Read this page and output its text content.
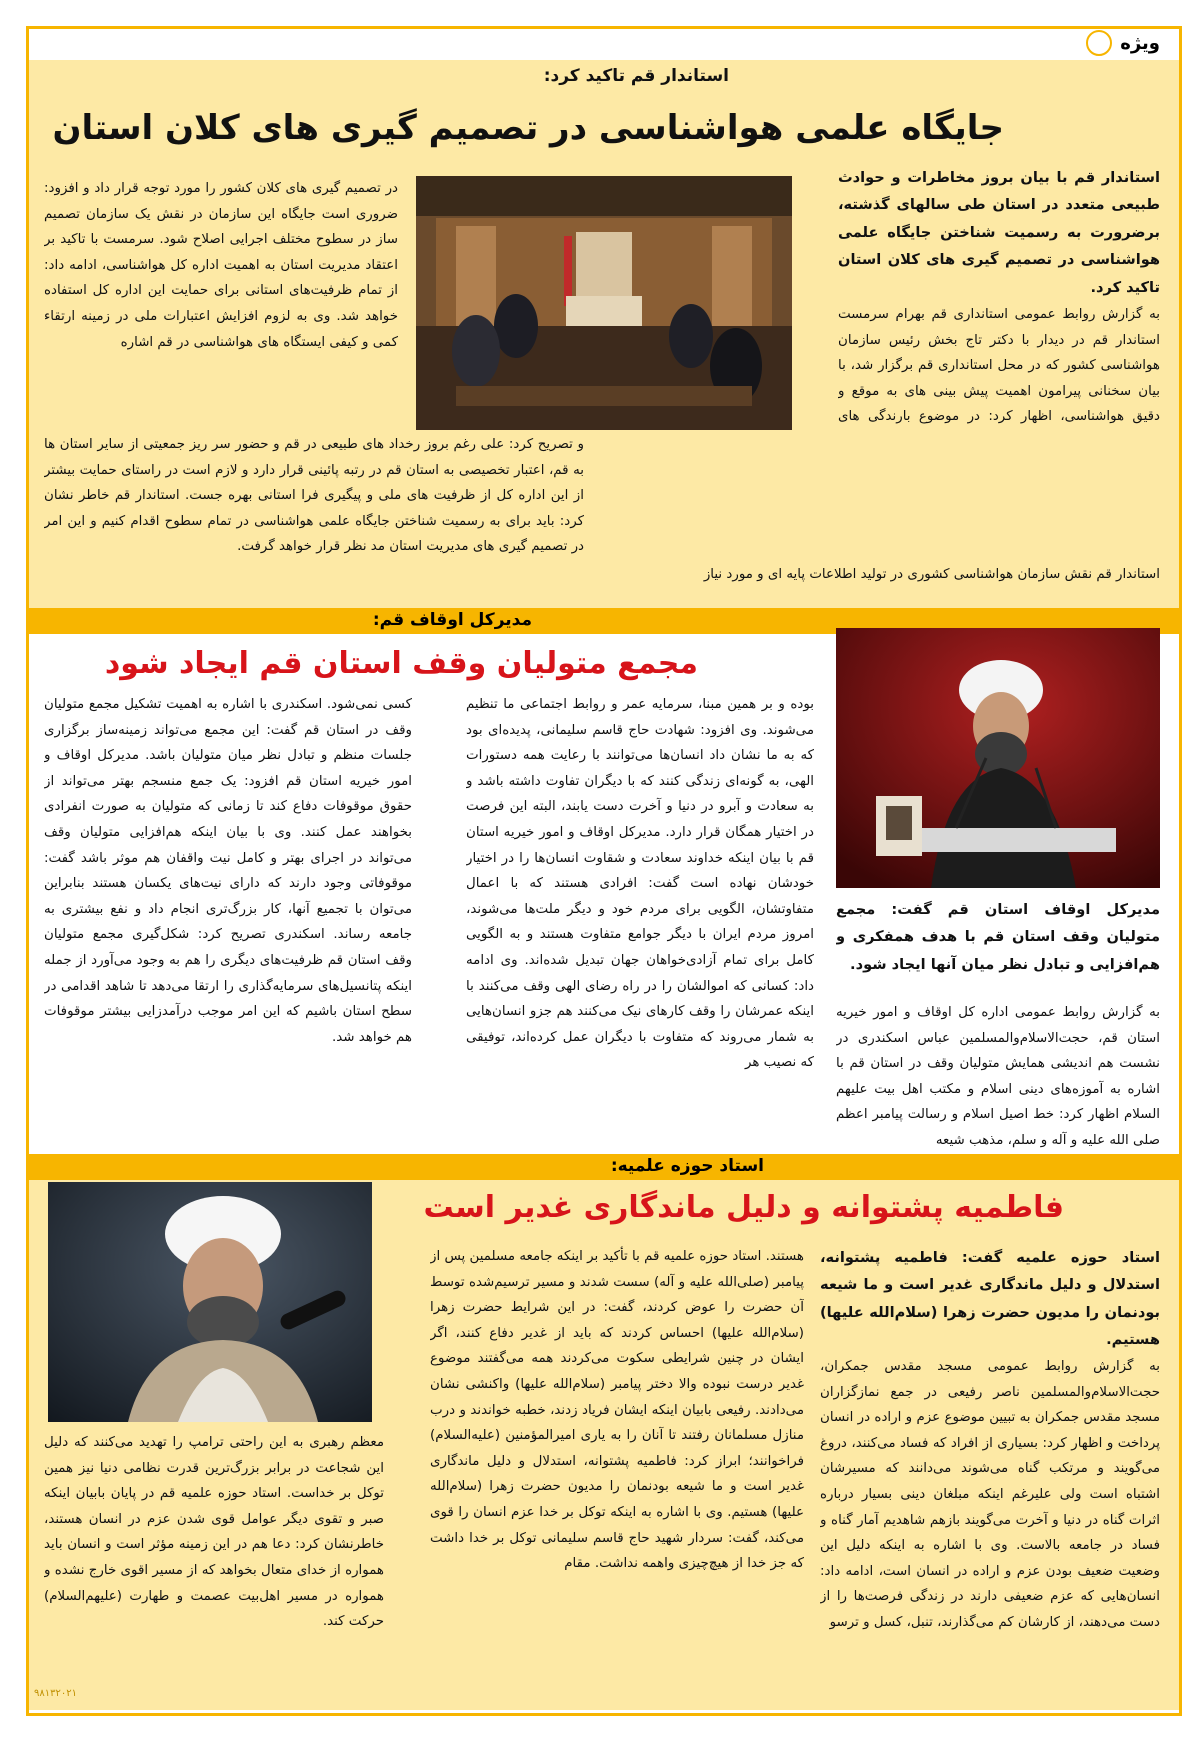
ویژه
استاندار قم تاکید کرد:
جایگاه علمی هواشناسی در تصمیم گیری های کلان استان
استاندار قم با بیان بروز مخاطرات و حوادث طبیعی متعدد در استان طی سالهای گذشته، برضرورت به رسمیت شناختن جایگاه علمی هواشناسی در تصمیم گیری های کلان استان تاکید کرد.
به گزارش روابط عمومی استانداری قم بهرام سرمست استاندار قم در دیدار با دکتر تاج بخش رئیس سازمان هواشناسی کشور که در محل استانداری قم برگزار شد، با بیان سخنانی پیرامون اهمیت پیش بینی های به موقع و دقیق هواشناسی، اظهار کرد: در موضوع بارندگی های
استاندار قم نقش سازمان هواشناسی کشوری در تولید اطلاعات پایه ای و مورد نیاز
در تصمیم گیری های کلان کشور را مورد توجه قرار داد و افزود: ضروری است جایگاه این سازمان در نقش یک سازمان تصمیم ساز در سطوح مختلف اجرایی اصلاح شود. سرمست با تاکید بر اعتقاد مدیریت استان به اهمیت اداره کل هواشناسی، ادامه داد: از تمام ظرفیت‌های استانی برای حمایت این اداره کل استفاده خواهد شد. وی به لزوم افزایش اعتبارات ملی در زمینه ارتقاء کمی و کیفی ایستگاه های هواشناسی در قم اشاره
و تصریح کرد: علی رغم بروز رخداد های طبیعی در قم و حضور سر ریز جمعیتی از سایر استان ها به قم، اعتبار تخصیصی به استان قم در رتبه پائینی قرار دارد و لازم است در راستای حمایت بیشتر از این اداره کل از ظرفیت های ملی و پیگیری فرا استانی بهره جست. استاندار قم خاطر نشان کرد: باید برای به رسمیت شناختن جایگاه علمی هواشناسی در تمام سطوح اقدام کنیم و این امر در تصمیم گیری های مدیریت استان مد نظر قرار خواهد گرفت.
مدیرکل اوقاف قم:
مجمع متولیان وقف استان قم ایجاد شود
مدیرکل اوقاف استان قم گفت: مجمع متولیان وقف استان قم با هدف همفکری و هم‌افزایی و تبادل نظر میان آنها ایجاد شود.
به گزارش روابط عمومی اداره کل اوقاف و امور خیریه استان قم، حجت‌الاسلام‌والمسلمین عباس اسکندری در نشست هم اندیشی همایش متولیان وقف در استان قم با اشاره به آموزه‌های دینی اسلام و مکتب اهل بیت علیهم السلام اظهار کرد: خط اصیل اسلام و رسالت پیامبر اعظم صلی الله علیه و آله و سلم، مذهب شیعه
بوده و بر همین مبنا، سرمایه عمر و روابط اجتماعی ما تنظیم می‌شوند. وی افزود: شهادت حاج قاسم سلیمانی، پدیده‌ای بود که به ما نشان داد انسان‌ها می‌توانند با رعایت همه دستورات الهی، به گونه‌ای زندگی کنند که با دیگران تفاوت داشته باشد و به سعادت و آبرو در دنیا و آخرت دست یابند، البته این فرصت در اختیار همگان قرار دارد. مدیرکل اوقاف و امور خیریه استان قم با بیان اینکه خداوند سعادت و شقاوت انسان‌ها را در اختیار خودشان نهاده است گفت: افرادی هستند که با اعمال متفاوتشان، الگویی برای مردم خود و دیگر ملت‌ها می‌شوند، امروز مردم ایران با دیگر جوامع متفاوت هستند و به الگویی کامل برای تمام آزادی‌خواهان جهان تبدیل شده‌اند. وی ادامه داد: کسانی که اموالشان را در راه رضای الهی وقف می‌کنند با اینکه عمرشان را وقف کارهای نیک می‌کنند هم جزو انسان‌هایی به شمار می‌روند که متفاوت با دیگران عمل کرده‌اند، توفیقی که نصیب هر
کسی نمی‌شود. اسکندری با اشاره به اهمیت تشکیل مجمع متولیان وقف در استان قم گفت: این مجمع می‌تواند زمینه‌ساز برگزاری جلسات منظم و تبادل نظر میان متولیان باشد. مدیرکل اوقاف و امور خیریه استان قم افزود: یک جمع منسجم بهتر می‌تواند از حقوق موقوفات دفاع کند تا زمانی که متولیان به صورت انفرادی بخواهند عمل کنند. وی با بیان اینکه هم‌افزایی متولیان وقف می‌تواند در اجرای بهتر و کامل نیت واقفان هم موثر باشد گفت: موقوفاتی وجود دارند که دارای نیت‌های یکسان هستند بنابراین می‌توان با تجمیع آنها، کار بزرگ‌تری انجام داد و نفع بیشتری به جامعه رساند. اسکندری تصریح کرد: شکل‌گیری مجمع متولیان وقف استان قم ظرفیت‌های دیگری را هم به وجود می‌آورد از جمله اینکه پتانسیل‌های سرمایه‌گذاری را ارتقا می‌دهد تا شاهد اقدامی در سطح استان باشیم که این امر موجب درآمدزایی بیشتر موقوفات هم خواهد شد.
استاد حوزه علمیه:
فاطمیه پشتوانه و دلیل ماندگاری غدیر است
استاد حوزه علمیه گفت: فاطمیه پشتوانه، استدلال و دلیل ماندگاری غدیر است و ما شیعه بودنمان را مدیون حضرت زهرا (سلام‌الله علیها) هستیم.
به گزارش روابط عمومی مسجد مقدس جمکران، حجت‌الاسلام‌والمسلمین ناصر رفیعی در جمع نمازگزاران مسجد مقدس جمکران به تبیین موضوع عزم و اراده در انسان پرداخت و اظهار کرد: بسیاری از افراد که فساد می‌کنند، دروغ می‌گویند و مرتکب گناه می‌شوند می‌دانند که مسیرشان اشتباه است ولی علیرغم اینکه مبلغان دینی بسیار درباره اثرات گناه در دنیا و آخرت می‌گویند بازهم شاهدیم آمار گناه و فساد در جامعه بالاست. وی با اشاره به اینکه دلیل این وضعیت ضعیف بودن عزم و اراده در انسان است، ادامه داد: انسان‌هایی که عزم ضعیفی دارند در زندگی فرصت‌ها را از دست می‌دهند، از کارشان کم می‌گذارند، تنبل، کسل و ترسو
هستند. استاد حوزه علمیه قم با تأکید بر اینکه جامعه مسلمین پس از پیامبر (صلی‌الله علیه و آله) سست شدند و مسیر ترسیم‌شده توسط آن حضرت را عوض کردند، گفت: در این شرایط حضرت زهرا (سلام‌الله علیها) احساس کردند که باید از غدیر دفاع کنند، اگر ایشان در چنین شرایطی سکوت می‌کردند همه می‌گفتند موضوع غدیر درست نبوده والا دختر پیامبر (سلام‌الله علیها) واکنشی نشان می‌دادند. رفیعی بابیان اینکه ایشان فریاد زدند، خطبه خواندند و درب منازل مسلمانان رفتند تا آنان را به یاری امیرالمؤمنین (علیه‌السلام) فراخوانند؛ ابراز کرد: فاطمیه پشتوانه، استدلال و دلیل ماندگاری غدیر است و ما شیعه بودنمان را مدیون حضرت زهرا (سلام‌الله علیها) هستیم. وی با اشاره به اینکه توکل بر خدا عزم انسان را قوی می‌کند، گفت: سردار شهید حاج قاسم سلیمانی توکل بر خدا داشت که جز خدا از هیچ‌چیزی واهمه نداشت. مقام
معظم رهبری به این راحتی ترامپ را تهدید می‌کنند که دلیل این شجاعت در برابر بزرگ‌ترین قدرت نظامی دنیا نیز همین توکل بر خداست. استاد حوزه علمیه قم در پایان بابیان اینکه صبر و تقوی دیگر عوامل قوی شدن عزم در انسان هستند، خاطرنشان کرد: دعا هم در این زمینه مؤثر است و انسان باید همواره از خدای متعال بخواهد که از مسیر اقوی خارج نشده و همواره در مسیر اهل‌بیت عصمت و طهارت (علیهم‌السلام) حرکت کند.
۹۸۱۳۲۰۲۱
